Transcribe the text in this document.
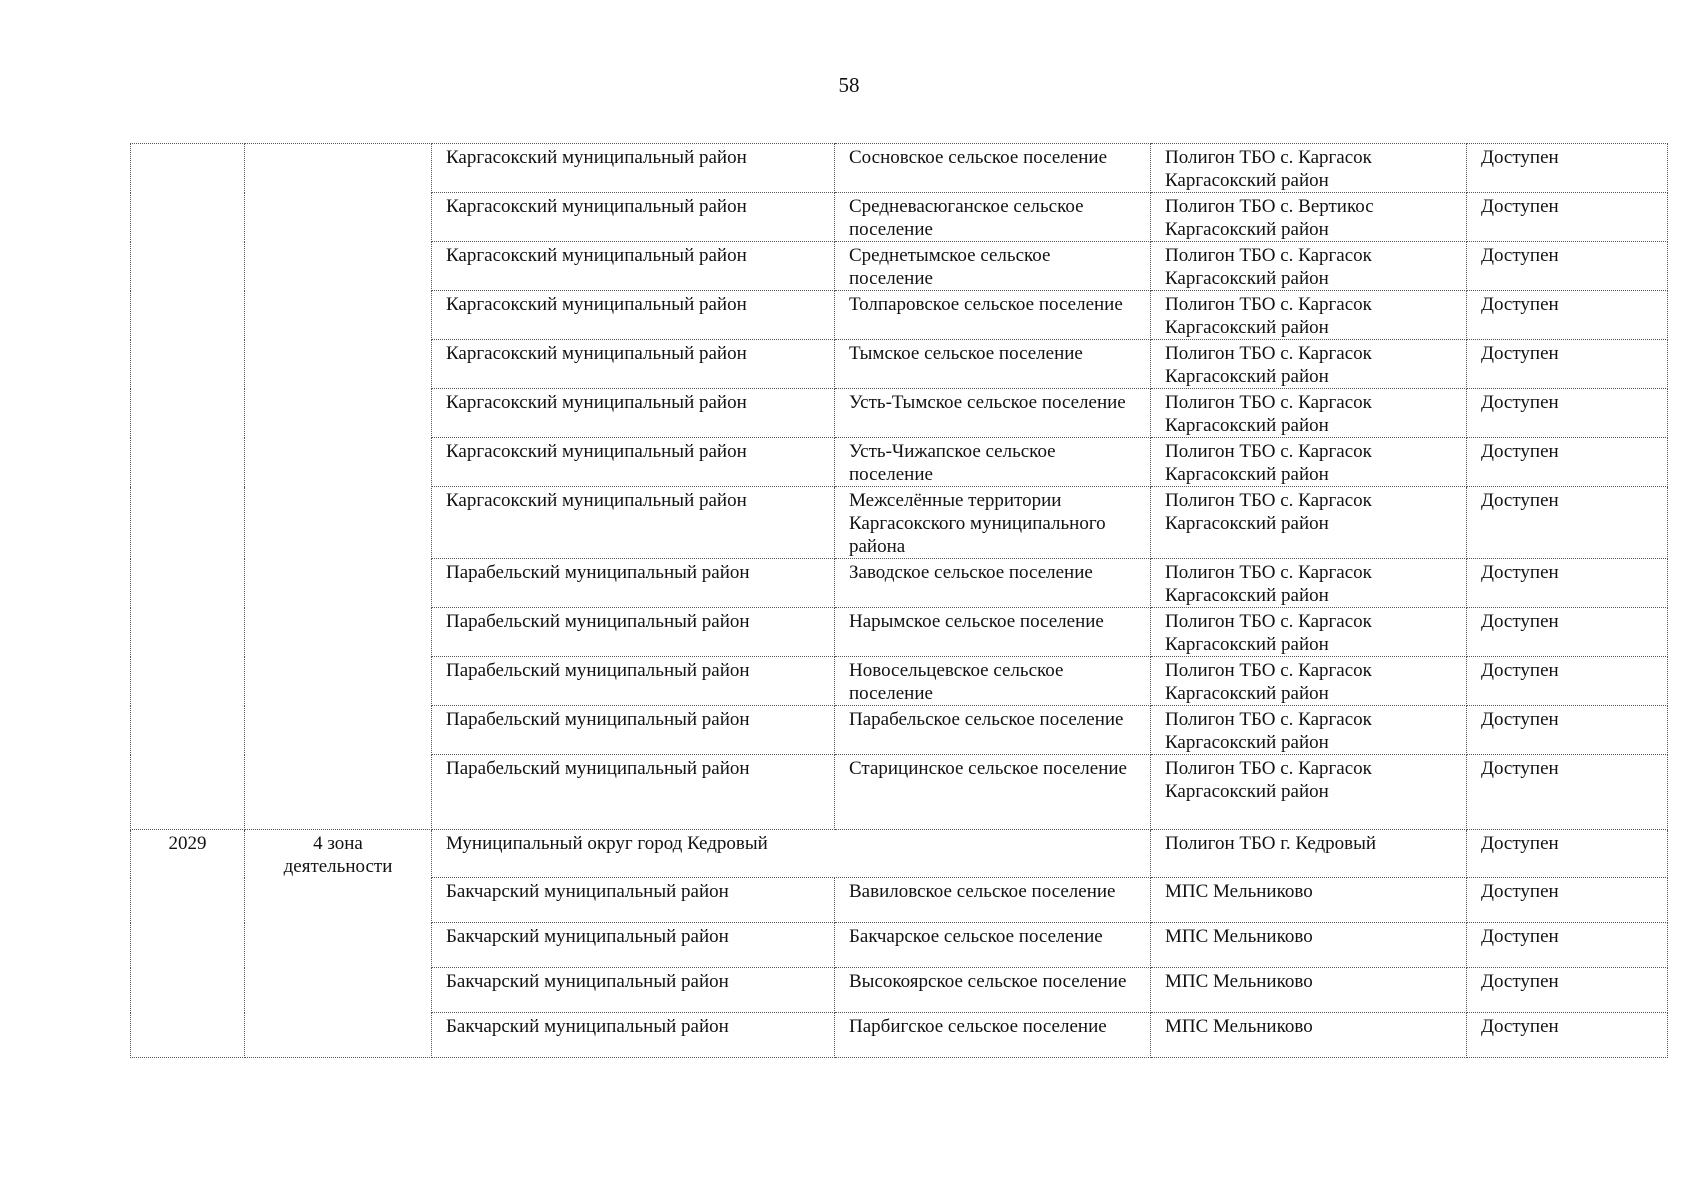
58
		Каргасокский муниципальный район	Сосновское сельское поселение	Полигон ТБО с. Каргасок Каргасокский район	Доступен
		Каргасокский муниципальный район	Средневасюганское сельское поселение	Полигон ТБО с. Вертикос Каргасокский район	Доступен
		Каргасокский муниципальный район	Среднетымское сельское поселение	Полигон ТБО с. Каргасок Каргасокский район	Доступен
		Каргасокский муниципальный район	Толпаровское сельское поселение	Полигон ТБО с. Каргасок Каргасокский район	Доступен
		Каргасокский муниципальный район	Тымское сельское поселение	Полигон ТБО с. Каргасок Каргасокский район	Доступен
		Каргасокский муниципальный район	Усть-Тымское сельское поселение	Полигон ТБО с. Каргасок Каргасокский район	Доступен
		Каргасокский муниципальный район	Усть-Чижапское сельское поселение	Полигон ТБО с. Каргасок Каргасокский район	Доступен
		Каргасокский муниципальный район	Межселённые территории Каргасокского муниципального района	Полигон ТБО с. Каргасок Каргасокский район	Доступен
		Парабельский муниципальный район	Заводское сельское поселение	Полигон ТБО с. Каргасок Каргасокский район	Доступен
		Парабельский муниципальный район	Нарымское сельское поселение	Полигон ТБО с. Каргасок Каргасокский район	Доступен
		Парабельский муниципальный район	Новосельцевское сельское поселение	Полигон ТБО с. Каргасок Каргасокский район	Доступен
		Парабельский муниципальный район	Парабельское сельское поселение	Полигон ТБО с. Каргасок Каргасокский район	Доступен
		Парабельский муниципальный район	Старицинское сельское поселение	Полигон ТБО с. Каргасок Каргасокский район	Доступен
2029	4 зона деятельности	Муниципальный округ город Кедровый		Полигон ТБО г. Кедровый	Доступен
		Бакчарский муниципальный район	Вавиловское сельское поселение	МПС Мельниково	Доступен
		Бакчарский муниципальный район	Бакчарское сельское поселение	МПС Мельниково	Доступен
		Бакчарский муниципальный район	Высокоярское сельское поселение	МПС Мельниково	Доступен
		Бакчарский муниципальный район	Парбигское сельское поселение	МПС Мельниково	Доступен
